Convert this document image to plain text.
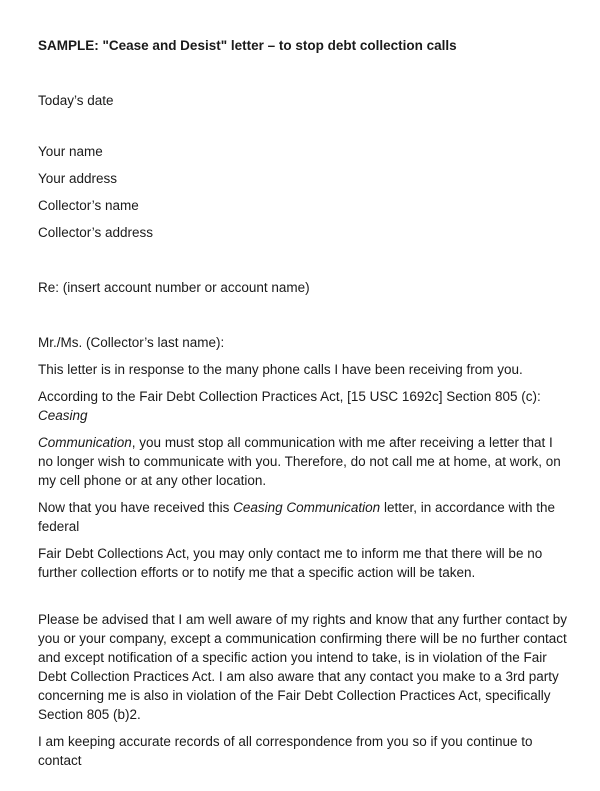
SAMPLE: "Cease and Desist" letter – to stop debt collection calls

Today’s date

Your name

Your address

Collector’s name

Collector’s address

Re: (insert account number or account name)

Mr./Ms. (Collector’s last name):

This letter is in response to the many phone calls I have been receiving from you.

According to the Fair Debt Collection Practices Act, [15 USC 1692c] Section 805 (c):
Ceasing

Communication, you must stop all communication with me after receiving a letter that I no longer wish to communicate with you. Therefore, do not call me at home, at work, on my cell phone or at any other location.

Now that you have received this Ceasing Communication letter, in accordance with the
federal

Fair Debt Collections Act, you may only contact me to inform me that there will be no further collection efforts or to notify me that a specific action will be taken.

Please be advised that I am well aware of my rights and know that any further contact by you or your company, except a communication confirming there will be no further contact and except notification of a specific action you intend to take, is in violation of the Fair Debt Collection Practices Act. I am also aware that any contact you make to a 3rd party concerning me is also in violation of the Fair Debt Collection Practices Act, specifically Section 805 (b)2.

I am keeping accurate records of all correspondence from you so if you continue to
contact
